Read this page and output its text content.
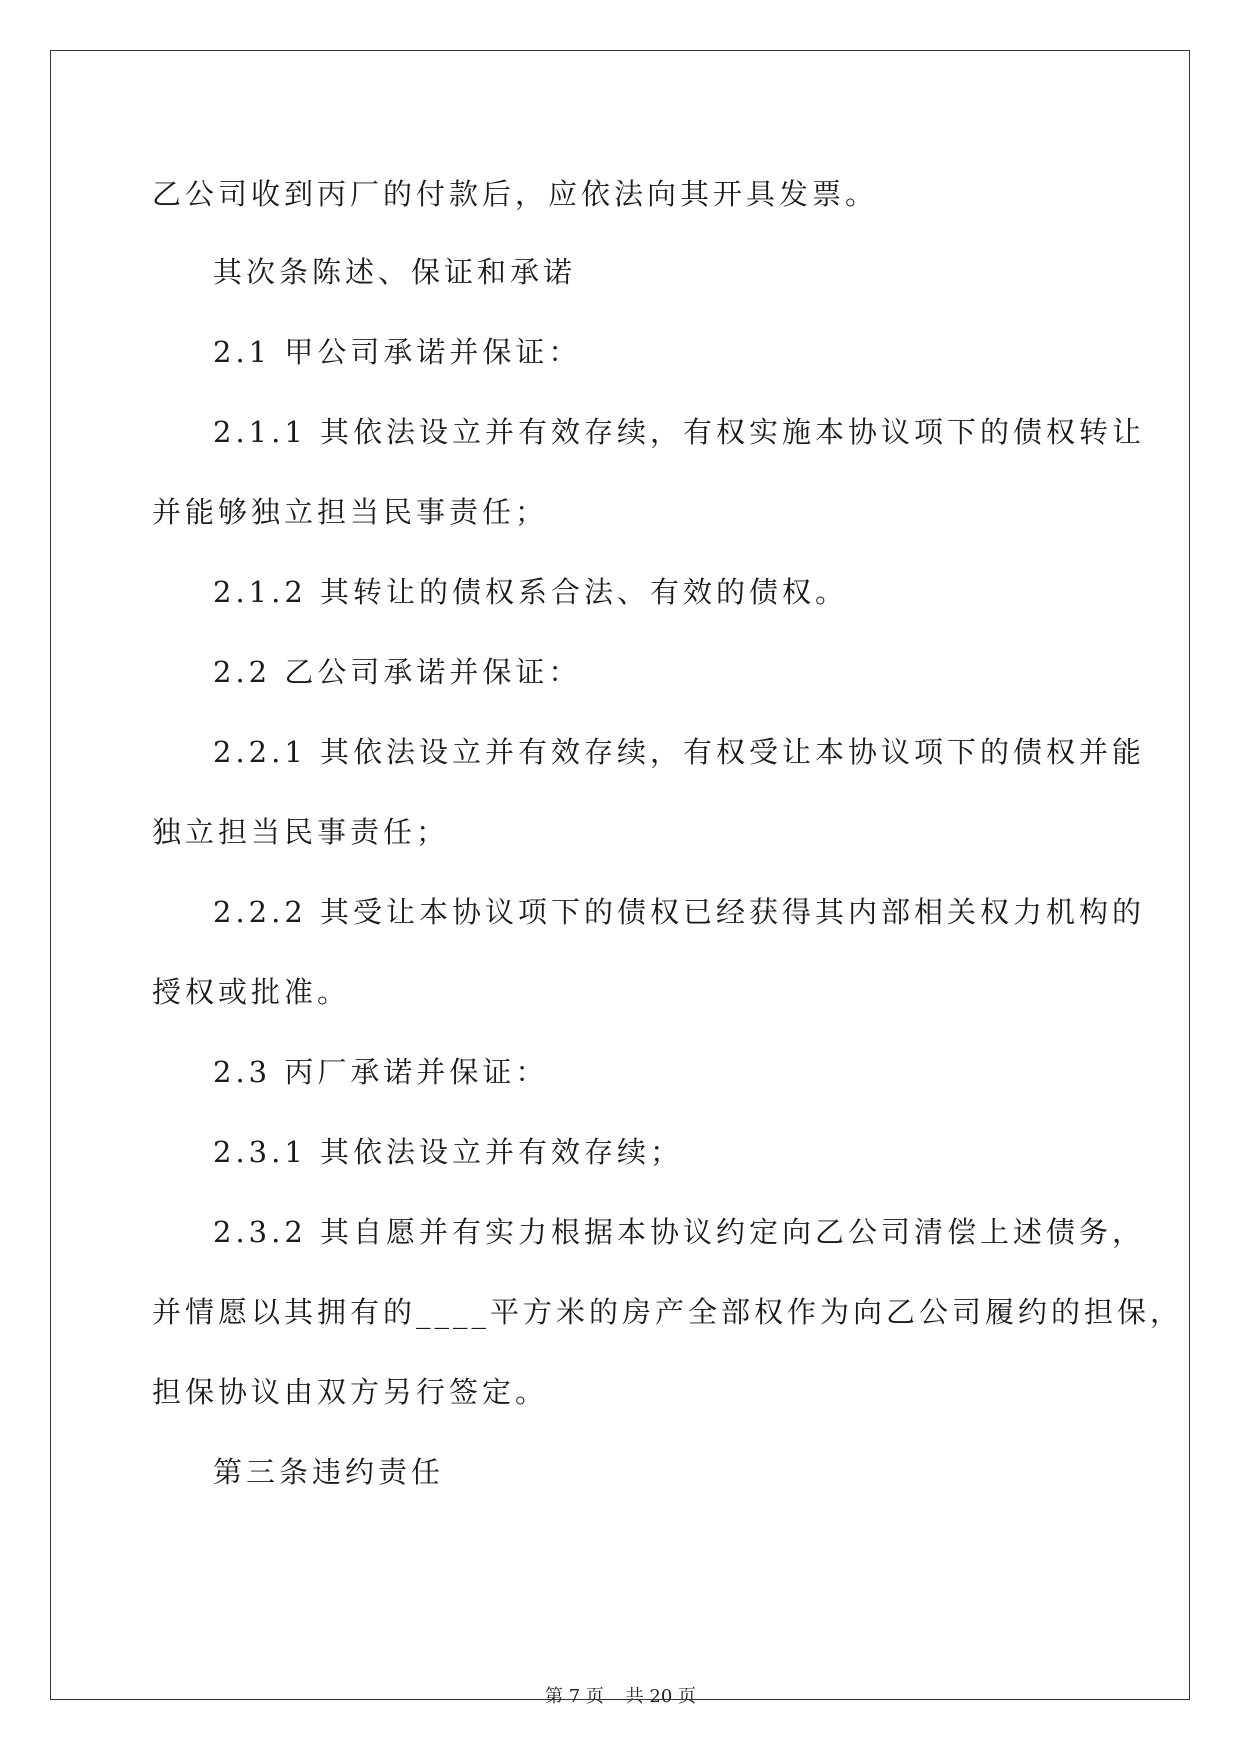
乙公司收到丙厂的付款后，应依法向其开具发票。
其次条陈述、保证和承诺
2.1 甲公司承诺并保证：
2.1.1 其依法设立并有效存续，有权实施本协议项下的债权转让
并能够独立担当民事责任；
2.1.2 其转让的债权系合法、有效的债权。
2.2 乙公司承诺并保证：
2.2.1 其依法设立并有效存续，有权受让本协议项下的债权并能
独立担当民事责任；
2.2.2 其受让本协议项下的债权已经获得其内部相关权力机构的
授权或批准。
2.3 丙厂承诺并保证：
2.3.1 其依法设立并有效存续；
2.3.2 其自愿并有实力根据本协议约定向乙公司清偿上述债务，
并情愿以其拥有的____平方米的房产全部权作为向乙公司履约的担保，
担保协议由双方另行签定。
第三条违约责任
第 7 页 共 20 页
